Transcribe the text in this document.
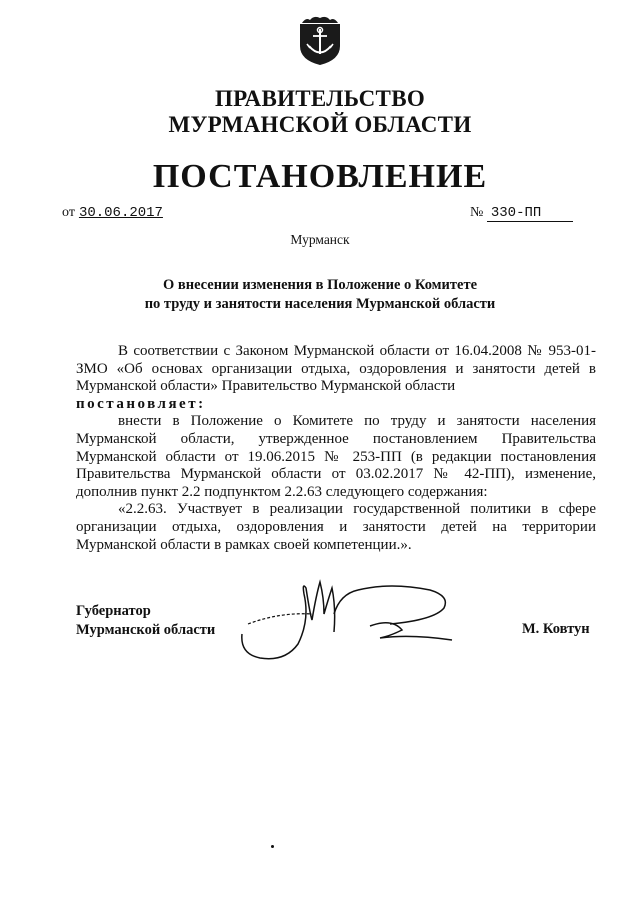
ПРАВИТЕЛЬСТВО
МУРМАНСКОЙ ОБЛАСТИ
ПОСТАНОВЛЕНИЕ
от 30.06.2017	№ 330-ПП
Мурманск
О внесении изменения в Положение о Комитете
по труду и занятости населения Мурманской области

В соответствии с Законом Мурманской области от 16.04.2008 № 953-01-ЗМО «Об основах организации отдыха, оздоровления и занятости детей в Мурманской области» Правительство Мурманской области

постановляет:

внести в Положение о Комитете по труду и занятости населения Мурманской области, утвержденное постановлением Правительства Мурманской области от 19.06.2015 № 253-ПП (в редакции постановления Правительства Мурманской области от 03.02.2017 № 42-ПП), изменение, дополнив пункт 2.2 подпунктом 2.2.63 следующего содержания:

«2.2.63. Участвует в реализации государственной политики в сфере организации отдыха, оздоровления и занятости детей на территории Мурманской области в рамках своей компетенции.».

Губернатор
Мурманской области	М. Ковтун
